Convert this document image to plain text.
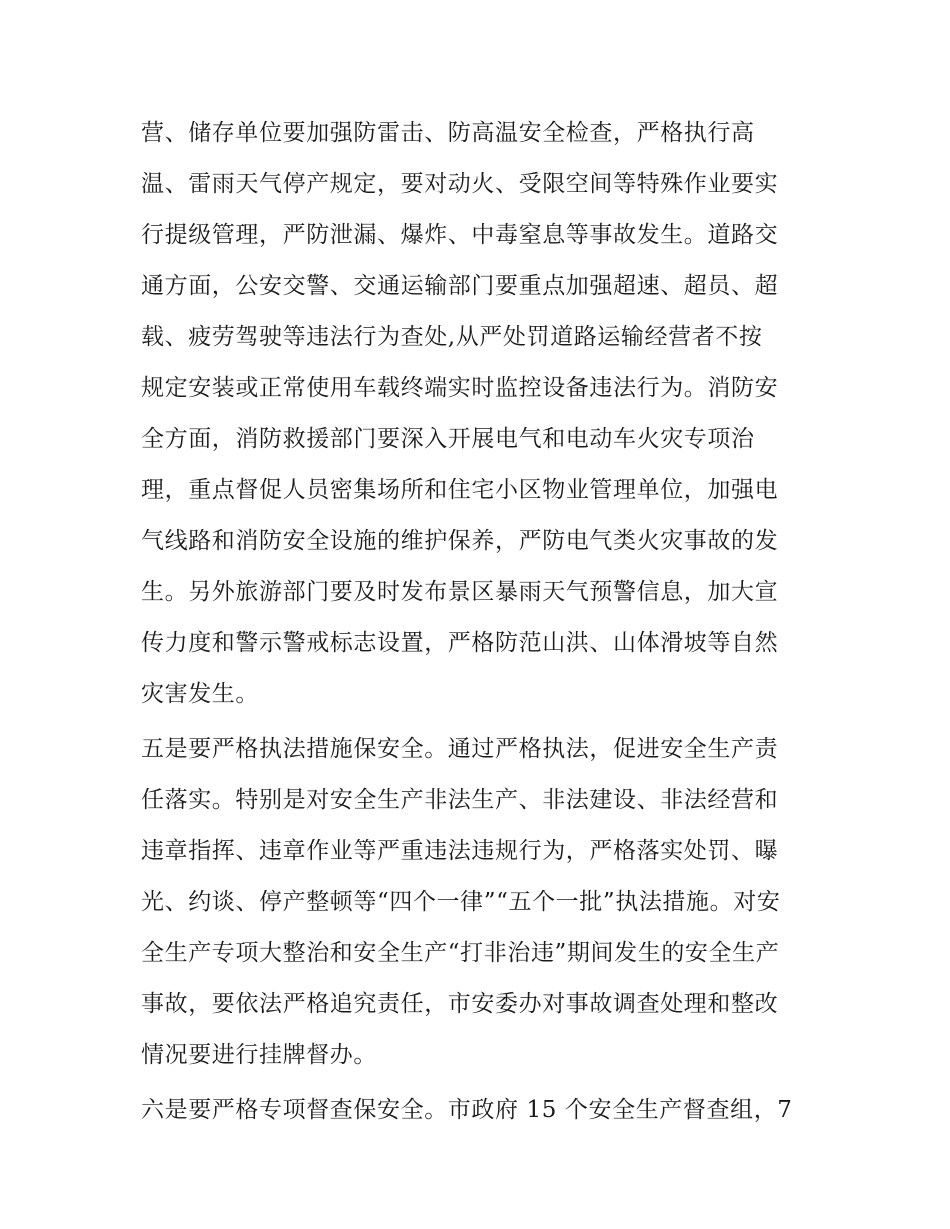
营、储存单位要加强防雷击、防高温安全检查，严格执行高
温、雷雨天气停产规定，要对动火、受限空间等特殊作业要实
行提级管理，严防泄漏、爆炸、中毒窒息等事故发生。道路交
通方面，公安交警、交通运输部门要重点加强超速、超员、超
载、疲劳驾驶等违法行为查处,从严处罚道路运输经营者不按
规定安装或正常使用车载终端实时监控设备违法行为。消防安
全方面，消防救援部门要深入开展电气和电动车火灾专项治
理，重点督促人员密集场所和住宅小区物业管理单位，加强电
气线路和消防安全设施的维护保养，严防电气类火灾事故的发
生。另外旅游部门要及时发布景区暴雨天气预警信息，加大宣
传力度和警示警戒标志设置，严格防范山洪、山体滑坡等自然
灾害发生。
五是要严格执法措施保安全。通过严格执法，促进安全生产责
任落实。特别是对安全生产非法生产、非法建设、非法经营和
违章指挥、违章作业等严重违法违规行为，严格落实处罚、曝
光、约谈、停产整顿等“四个一律”“五个一批”执法措施。对安
全生产专项大整治和安全生产“打非治违”期间发生的安全生产
事故，要依法严格追究责任，市安委办对事故调查处理和整改
情况要进行挂牌督办。
六是要严格专项督查保安全。市政府 15 个安全生产督查组，7
